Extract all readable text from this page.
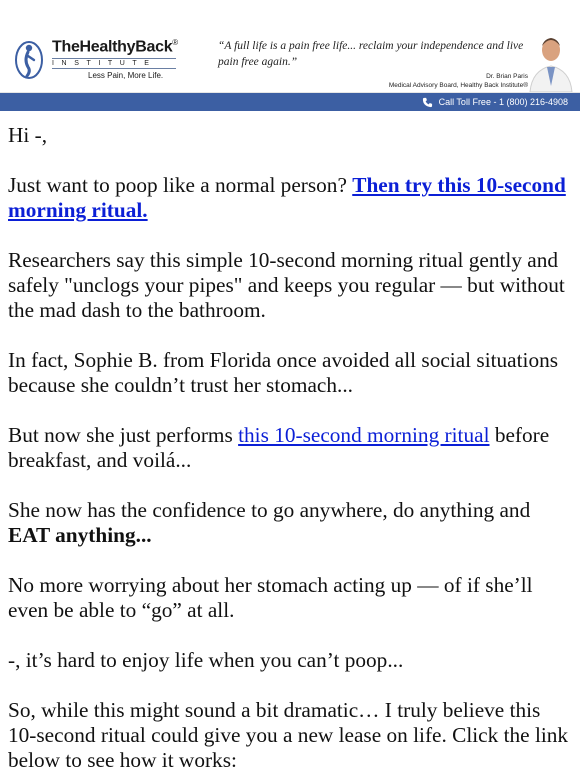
TheHealthyBack®
INSTITUTE
Less Pain, More Life.
“A full life is a pain free life... reclaim your independence and live pain free again.”
Dr. Brian Paris
Medical Advisory Board, Healthy Back Institute®
Call Toll Free - 1 (800) 216-4908

Hi -,

Just want to poop like a normal person? Then try this 10-second morning ritual.

Researchers say this simple 10-second morning ritual gently and safely "unclogs your pipes" and keeps you regular — but without the mad dash to the bathroom.

In fact, Sophie B. from Florida once avoided all social situations because she couldn’t trust her stomach...

But now she just performs this 10-second morning ritual before breakfast, and voilá...

She now has the confidence to go anywhere, do anything and EAT anything...

No more worrying about her stomach acting up — of if she’ll even be able to “go” at all.

-, it’s hard to enjoy life when you can’t poop...

So, while this might sound a bit dramatic… I truly believe this 10-second ritual could give you a new lease on life. Click the link below to see how it works:
